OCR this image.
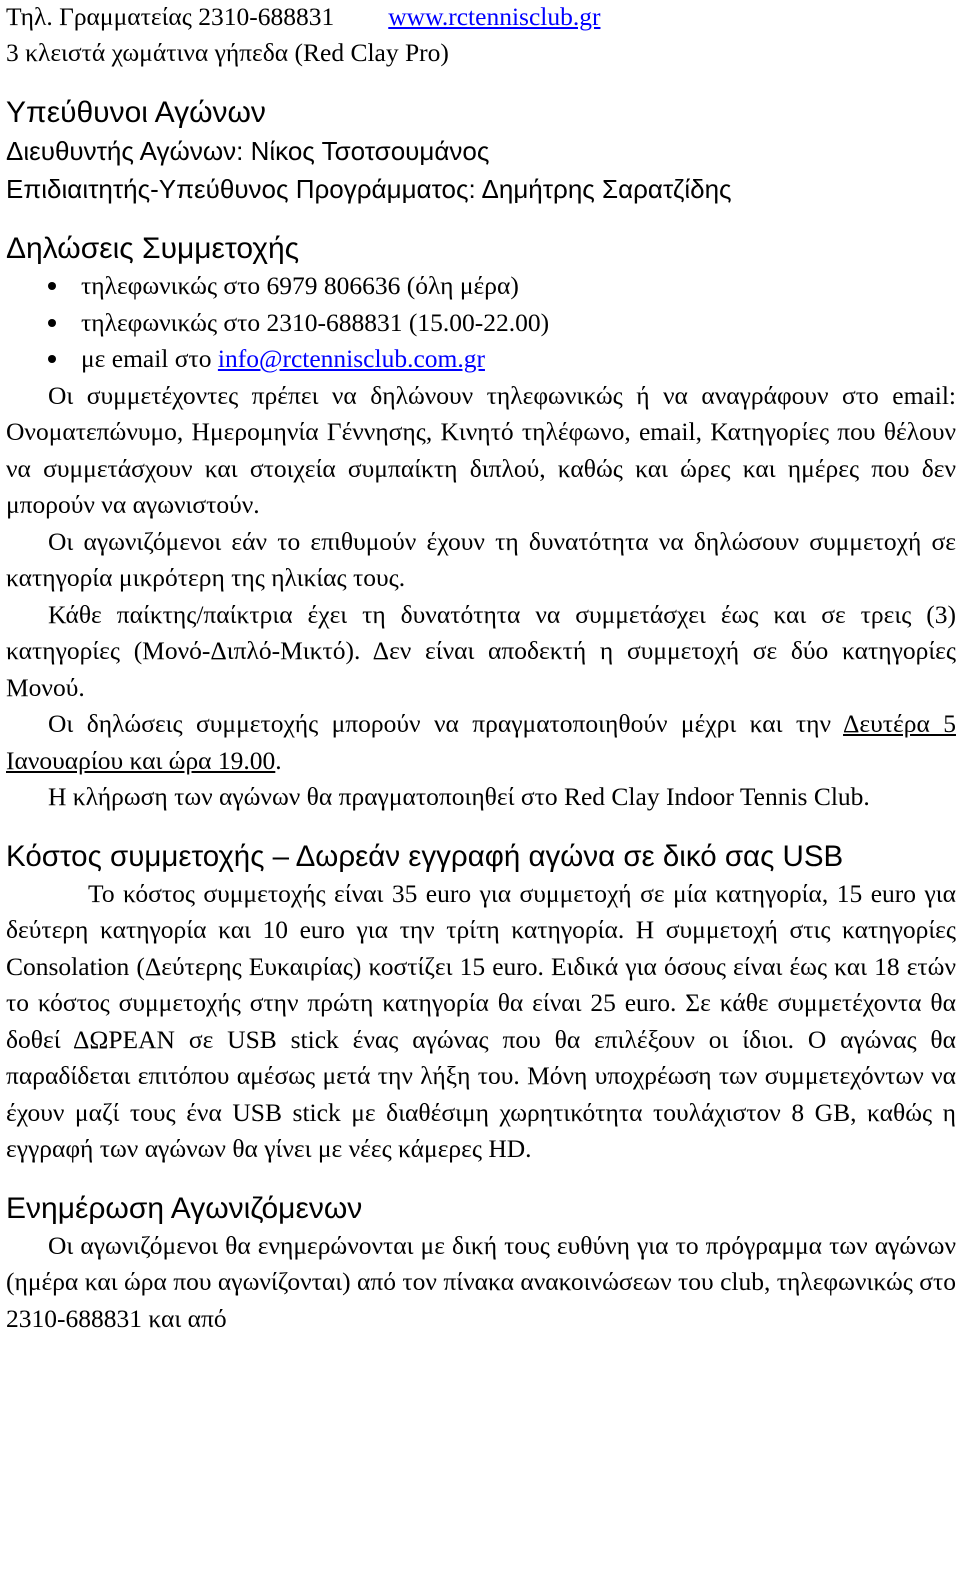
Τηλ. Γραμματείας 2310-688831 www.rctennisclub.gr
3 κλειστά χωμάτινα γήπεδα (Red Clay Pro)
Υπεύθυνοι Αγώνων
Διευθυντής Αγώνων: Νίκος Τσοτσουμάνος
Επιδιαιτητής-Υπεύθυνος Προγράμματος: Δημήτρης Σαρατζίδης
Δηλώσεις Συμμετοχής
τηλεφωνικώς στο 6979 806636 (όλη μέρα)
τηλεφωνικώς στο 2310-688831 (15.00-22.00)
με email στο info@rctennisclub.com.gr

Οι συμμετέχοντες πρέπει να δηλώνουν τηλεφωνικώς ή να αναγράφουν στο email: Ονοματεπώνυμο, Ημερομηνία Γέννησης, Κινητό τηλέφωνο, email, Κατηγορίες που θέλουν να συμμετάσχουν και στοιχεία συμπαίκτη διπλού, καθώς και ώρες και ημέρες που δεν μπορούν να αγωνιστούν.

Οι αγωνιζόμενοι εάν το επιθυμούν έχουν τη δυνατότητα να δηλώσουν συμμετοχή σε κατηγορία μικρότερη της ηλικίας τους.

Κάθε παίκτης/παίκτρια έχει τη δυνατότητα να συμμετάσχει έως και σε τρεις (3) κατηγορίες (Μονό-Διπλό-Μικτό). Δεν είναι αποδεκτή η συμμετοχή σε δύο κατηγορίες Μονού.

Οι δηλώσεις συμμετοχής μπορούν να πραγματοποιηθούν μέχρι και την Δευτέρα 5 Ιανουαρίου και ώρα 19.00.

Η κλήρωση των αγώνων θα πραγματοποιηθεί στο Red Clay Indoor Tennis Club.

Κόστος συμμετοχής – Δωρεάν εγγραφή αγώνα σε δικό σας USB

Το κόστος συμμετοχής είναι 35 euro για συμμετοχή σε μία κατηγορία, 15 euro για δεύτερη κατηγορία και 10 euro για την τρίτη κατηγορία. Η συμμετοχή στις κατηγορίες Consolation (Δεύτερης Ευκαιρίας) κοστίζει 15 euro. Ειδικά για όσους είναι έως και 18 ετών το κόστος συμμετοχής στην πρώτη κατηγορία θα είναι 25 euro. Σε κάθε συμμετέχοντα θα δοθεί ΔΩΡΕΑΝ σε USB stick ένας αγώνας που θα επιλέξουν οι ίδιοι. Ο αγώνας θα παραδίδεται επιτόπου αμέσως μετά την λήξη του. Μόνη υποχρέωση των συμμετεχόντων να έχουν μαζί τους ένα USB stick με διαθέσιμη χωρητικότητα τουλάχιστον 8 GB, καθώς η εγγραφή των αγώνων θα γίνει με νέες κάμερες HD.

Ενημέρωση Αγωνιζόμενων

Οι αγωνιζόμενοι θα ενημερώνονται με δική τους ευθύνη για το πρόγραμμα των αγώνων (ημέρα και ώρα που αγωνίζονται) από τον πίνακα ανακοινώσεων του club, τηλεφωνικώς στο 2310-688831 και από
